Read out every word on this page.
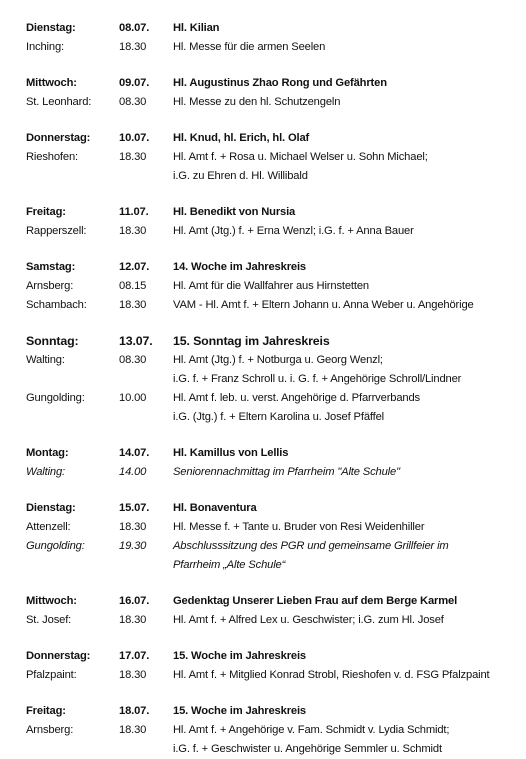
Dienstag:	08.07.	Hl. Kilian
Inching:	18.30	Hl. Messe für die armen Seelen
Mittwoch:	09.07.	Hl. Augustinus Zhao Rong und Gefährten
St. Leonhard:	08.30	Hl. Messe zu den hl. Schutzengeln
Donnerstag:	10.07.	Hl. Knud, hl. Erich, hl. Olaf
Rieshofen:	18.30	Hl. Amt f. + Rosa u. Michael Welser u. Sohn Michael;
i.G. zu Ehren d. Hl. Willibald
Freitag:	11.07.	Hl. Benedikt von Nursia
Rapperszell:	18.30	Hl. Amt (Jtg.) f. + Erna Wenzl; i.G. f. + Anna Bauer
Samstag:	12.07.	14. Woche im Jahreskreis
Arnsberg:	08.15	Hl. Amt für die Wallfahrer aus Hirnstetten
Schambach:	18.30	VAM - Hl. Amt f. + Eltern Johann u. Anna Weber u. Angehörige
Sonntag:	13.07.	15. Sonntag im Jahreskreis
Walting:	08.30	Hl. Amt (Jtg.) f. + Notburga u. Georg Wenzl;
i.G. f. + Franz Schroll u. i. G. f. + Angehörige Schroll/Lindner
Gungolding:	10.00	Hl. Amt f. leb. u. verst. Angehörige d. Pfarrverbands
i.G. (Jtg.) f. + Eltern Karolina u. Josef Pfäffel
Montag:	14.07.	Hl. Kamillus von Lellis
Walting:	14.00	Seniorennachmittag im Pfarrheim "Alte Schule"
Dienstag:	15.07.	Hl. Bonaventura
Attenzell:	18.30	Hl. Messe f. + Tante u. Bruder von Resi Weidenhiller
Gungolding:	19.30	Abschlusssitzung des PGR und gemeinsame Grillfeier im
Pfarrheim „Alte Schule“
Mittwoch:	16.07.	Gedenktag Unserer Lieben Frau auf dem Berge Karmel
St. Josef:	18.30	Hl. Amt f. + Alfred Lex u. Geschwister; i.G. zum Hl. Josef
Donnerstag:	17.07.	15. Woche im Jahreskreis
Pfalzpaint:	18.30	Hl. Amt f. + Mitglied Konrad Strobl, Rieshofen v. d. FSG Pfalzpaint
Freitag:	18.07.	15. Woche im Jahreskreis
Arnsberg:	18.30	Hl. Amt f. + Angehörige v. Fam. Schmidt v. Lydia Schmidt;
i.G. f. + Geschwister u. Angehörige Semmler u. Schmidt
